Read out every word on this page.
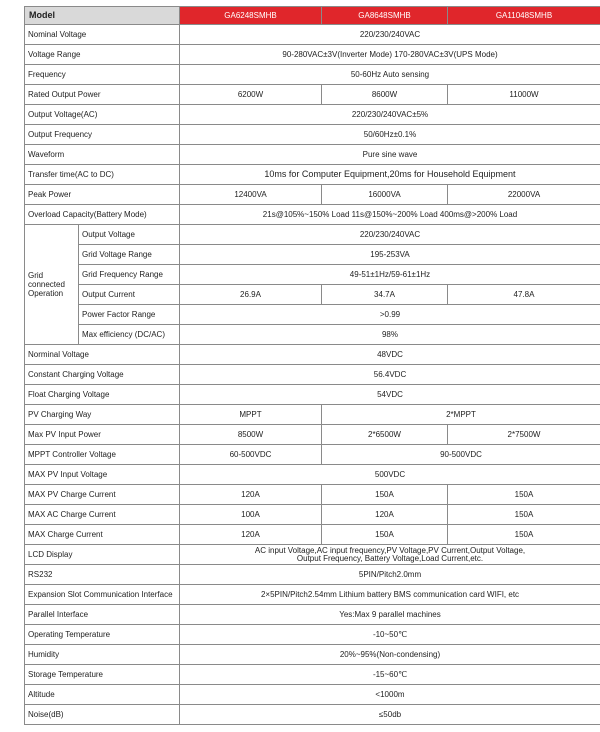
Model		GA6248SMHB	GA8648SMHB	GA11048SMHB
Nominal Voltage		220/230/240VAC		
Voltage Range		90-280VAC±3V(Inverter Mode) 170-280VAC±3V(UPS Mode)		
Frequency		50-60Hz Auto sensing		
Rated Output Power		6200W	8600W	11000W
Output Voltage(AC)		220/230/240VAC±5%		
Output Frequency		50/60Hz±0.1%		
Waveform		Pure sine wave		
Transfer time(AC to DC)		10ms for Computer Equipment,20ms for Household Equipment		
Peak Power		12400VA	16000VA	22000VA
Overload Capacity(Battery Mode)		21s@105%~150% Load 11s@150%~200% Load 400ms@>200% Load		
Grid connected Operation	Output Voltage	220/230/240VAC		
	Grid Voltage Range	195-253VA		
	Grid Frequency Range	49-51±1Hz/59-61±1Hz		
	Output Current	26.9A	34.7A	47.8A
	Power Factor Range	>0.99		
	Max efficiency (DC/AC)	98%		
Norminal Voltage		48VDC		
Constant Charging Voltage		56.4VDC		
Float Charging Voltage		54VDC		
PV Charging Way		MPPT	2*MPPT	
Max PV Input Power		8500W	2*6500W	2*7500W
MPPT Controller Voltage		60-500VDC	90-500VDC	
MAX PV Input Voltage		500VDC		
MAX PV Charge Current		120A	150A	150A
MAX AC Charge Current		100A	120A	150A
MAX Charge Current		120A	150A	150A
LCD Display		AC input Voltage,AC input frequency,PV Voltage,PV Current,Output Voltage,
Output Frequency, Battery Voltage,Load Current,etc.		
RS232		5PIN/Pitch2.0mm		
Expansion Slot Communication Interface		2×5PIN/Pitch2.54mm Lithium battery BMS communication card WIFI, etc		
Parallel Interface		Yes:Max 9 parallel machines		
Operating Temperature		-10~50℃		
Humidity		20%~95%(Non-condensing)		
Storage Temperature		-15~60℃		
Altitude		<1000m		
Noise(dB)		≤50db		
